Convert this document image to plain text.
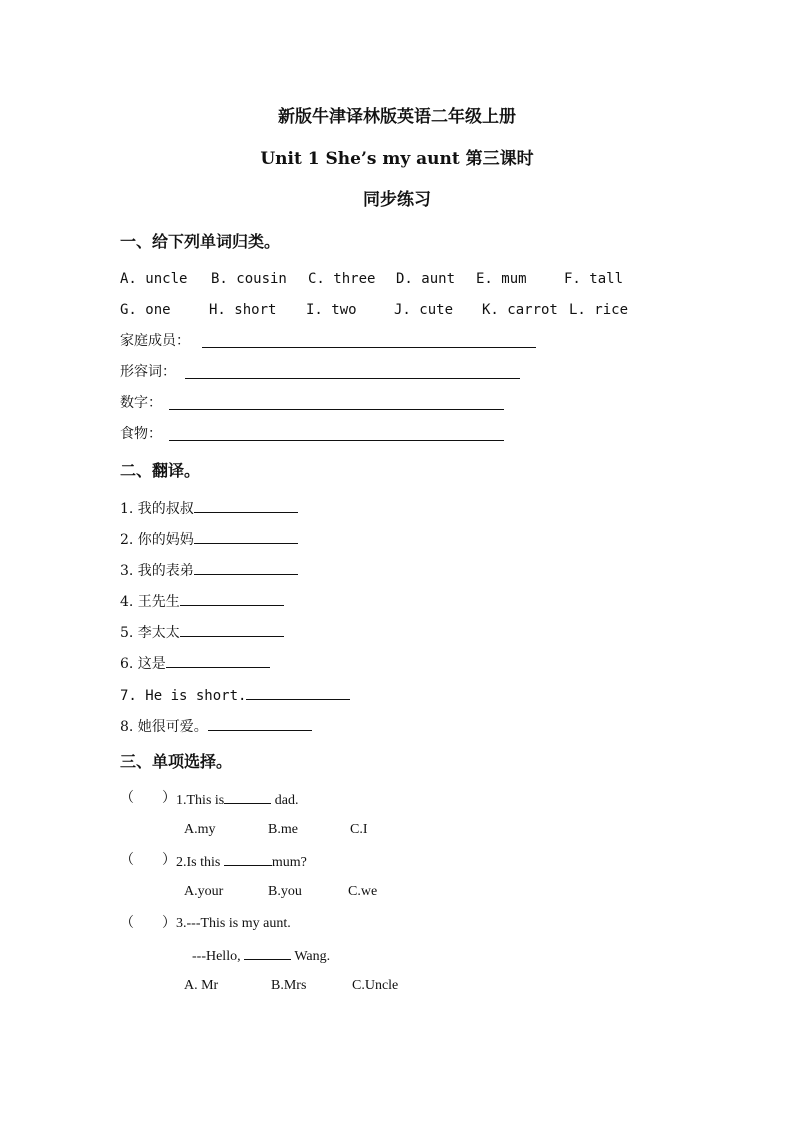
新版牛津译林版英语二年级上册
Unit 1 She’s my aunt 第三课时
同步练习
一、给下列单词归类。
A. uncle B. cousin C. three D. aunt E. mum	F. tall
G. one	H. short I. two	J. cute K. carrot L. rice
家庭成员：
形容词：
数字：
食物：
二、翻译。
1. 我的叔叔
2. 你的妈妈
3. 我的表弟
4. 王先生
5. 李太太
6. 这是
7. He is short.
8. 她很可爱。
三、单项选择。
（　　） 1.This is	dad.
A.my	B.me	C.I
（　　） 2.Is this	mum?
A.your	B.you	C.we
（　　） 3.---This is my aunt.
---Hello,	Wang.
A. Mr	B.Mrs	C.Uncle
